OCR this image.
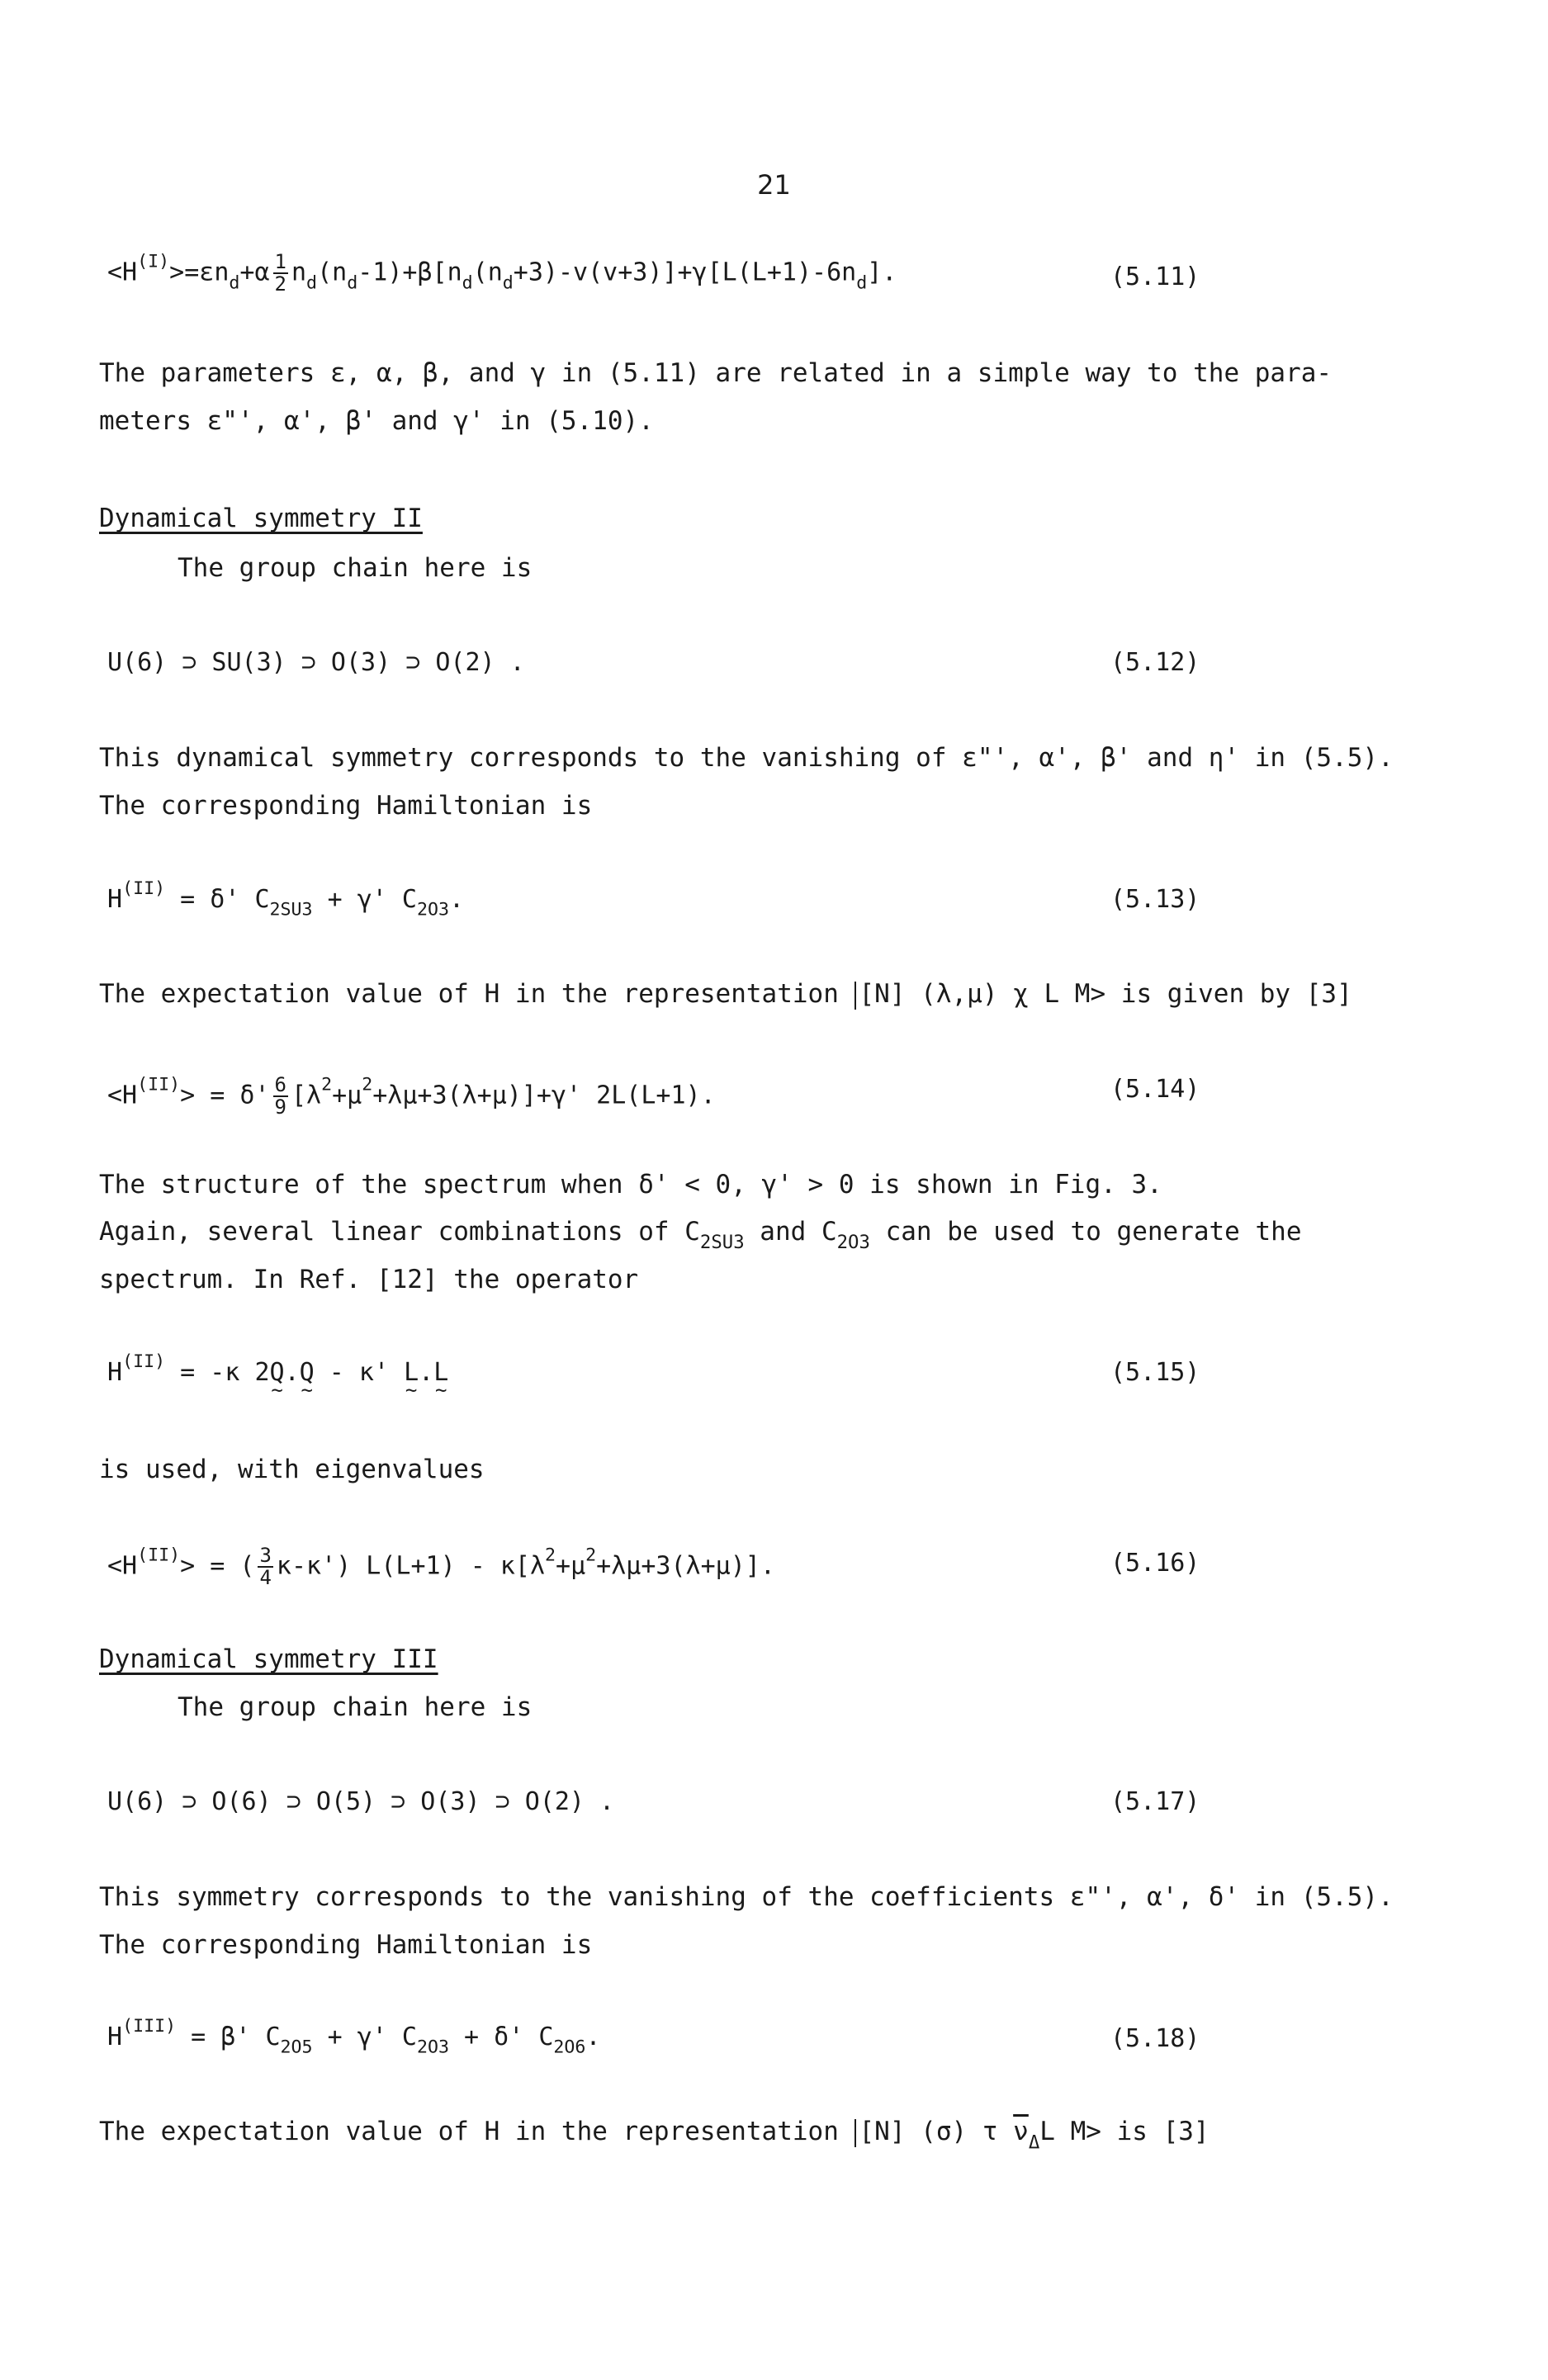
21
$<H^{(I)}>=\varepsilon n_d+\alpha \frac{1}{2} n_d(n_d-1)+\beta[n_d(n_d+3)-v(v+3)]+\gamma[L(L+1)-6n_d]$.	(5.11)
The parameters ε, α, β, and γ in (5.11) are related in a simple way to the para-
meters ε"', α', β' and γ' in (5.10).
Dynamical symmetry II
The group chain here is
U(6) ⊃ SU(3) ⊃ O(3) ⊃ O(2) .	(5.12)
This dynamical symmetry corresponds to the vanishing of ε"', α', β' and η' in (5.5).
The corresponding Hamiltonian is
$H^{(II)} = \delta'$ $C_{2SU3} + \gamma'$ $C_{2O3}$.	(5.13)
The expectation value of H in the representation [N] (λ,μ) χ L M> is given by [3]
$<H^{(II)}> = \delta' \frac{6}{9} [\lambda^2+\mu^2+\lambda\mu+3(\lambda+\mu)]+\gamma'$ 2L(L+1).	(5.14)
The structure of the spectrum when δ' < 0, γ' > 0 is shown in Fig. 3.
Again, several linear combinations of $C_{2SU3}$ and $C_{2O3}$ can be used to generate the
spectrum. In Ref. [12] the operator
$H^{(II)} = -\kappa$ 2Q ~.Q ~ - κ' L ~.L ~	(5.15)
is used, with eigenvalues
$<H^{(II)}>$ = ( $\frac{3}{4} \kappa-\kappa'$) $L(L+1) - \kappa[\lambda^2+\mu^2+\lambda\mu+3(\lambda+\mu)]$.	(5.16)
Dynamical symmetry III
The group chain here is
U(6) ⊃ O(6) ⊃ O(5) ⊃ O(3) ⊃ O(2) .	(5.17)
This symmetry corresponds to the vanishing of the coefficients ε"', α', δ' in (5.5).
The corresponding Hamiltonian is
$H^{(III)} = \beta'$ $C_{2O5} + \gamma'$ $C_{2O3} + \delta'$ $C_{2O6}$.	(5.18)
The expectation value of H in the representation [N] (σ) τ $\overline{\nu}_\Delta L$ M> is [3]
